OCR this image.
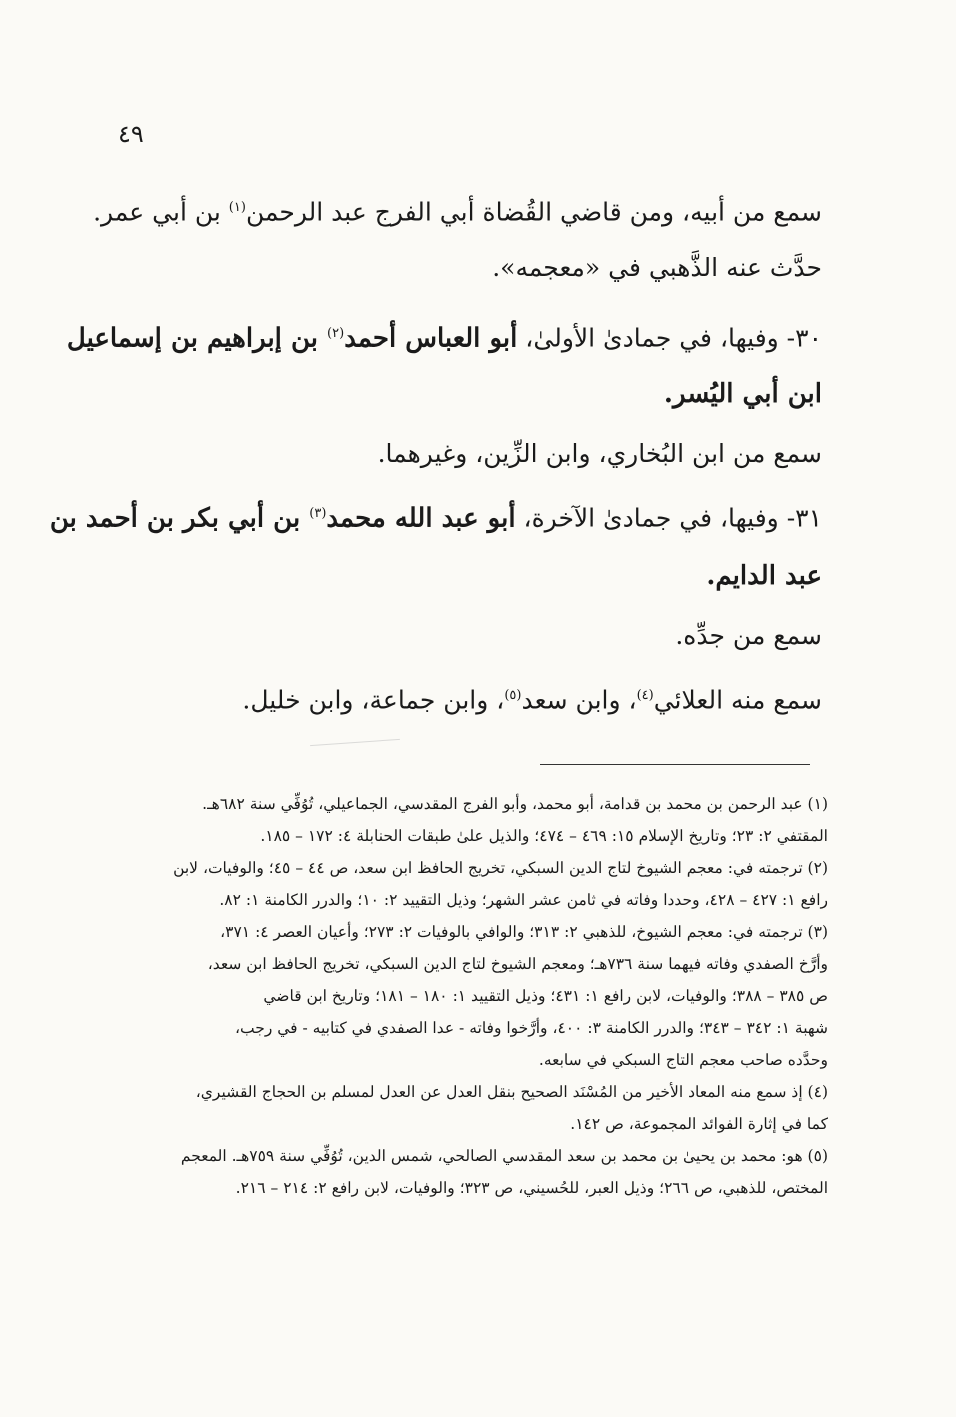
٤٩
سمع من أبيه، ومن قاضي القُضاة أبي الفرج عبد الرحمن$^{(١)}$ بن أبي عمر.
حدَّث عنه الذَّهبي في «معجمه».
٣٠- وفيها، في جمادىٰ الأولىٰ، أبو العباس أحمد$^{(٢)}$ بن إبراهيم بن إسماعيل
ابن أبي اليُسر.
سمع من ابن البُخاري، وابن الزِّين، وغيرهما.
٣١- وفيها، في جمادىٰ الآخرة، أبو عبد الله محمد$^{(٣)}$ بن أبي بكر بن أحمد بن
عبد الدايم.
سمع من جدِّه.
سمع منه العلائي$^{(٤)}$، وابن سعد$^{(٥)}$، وابن جماعة، وابن خليل.
(١) عبد الرحمن بن محمد بن قدامة، أبو محمد، وأبو الفرج المقدسي، الجماعيلي، تُوُفِّي سنة ٦٨٢هـ.
المقتفي ٢: ٢٣؛ وتاريخ الإسلام ١٥: ٤٦٩ – ٤٧٤؛ والذيل علىٰ طبقات الحنابلة ٤: ١٧٢ – ١٨٥.
(٢) ترجمته في: معجم الشيوخ لتاج الدين السبكي، تخريج الحافظ ابن سعد، ص ٤٤ – ٤٥؛ والوفيات، لابن
رافع ١: ٤٢٧ – ٤٢٨، وحددا وفاته في ثامن عشر الشهر؛ وذيل التقييد ٢: ١٠؛ والدرر الكامنة ١: ٨٢.
(٣) ترجمته في: معجم الشيوخ، للذهبي ٢: ٣١٣؛ والوافي بالوفيات ٢: ٢٧٣؛ وأعيان العصر ٤: ٣٧١،
وأرَّخ الصفدي وفاته فيهما سنة ٧٣٦هـ؛ ومعجم الشيوخ لتاج الدين السبكي، تخريج الحافظ ابن سعد،
ص ٣٨٥ – ٣٨٨؛ والوفيات، لابن رافع ١: ٤٣١؛ وذيل التقييد ١: ١٨٠ – ١٨١؛ وتاريخ ابن قاضي
شهبة ١: ٣٤٢ – ٣٤٣؛ والدرر الكامنة ٣: ٤٠٠، وأرَّخوا وفاته - عدا الصفدي في كتابيه - في رجب،
وحدَّده صاحب معجم التاج السبكي في سابعه.
(٤) إذ سمع منه المعاد الأخير من المُسْنَد الصحيح بنقل العدل عن العدل لمسلم بن الحجاج القشيري،
كما في إثارة الفوائد المجموعة، ص ١٤٢.
(٥) هو: محمد بن يحيىٰ بن محمد بن سعد المقدسي الصالحي، شمس الدين، تُوُفِّي سنة ٧٥٩هـ. المعجم
المختص، للذهبي، ص ٢٦٦؛ وذيل العبر، للحُسيني، ص ٣٢٣؛ والوفيات، لابن رافع ٢: ٢١٤ – ٢١٦.
